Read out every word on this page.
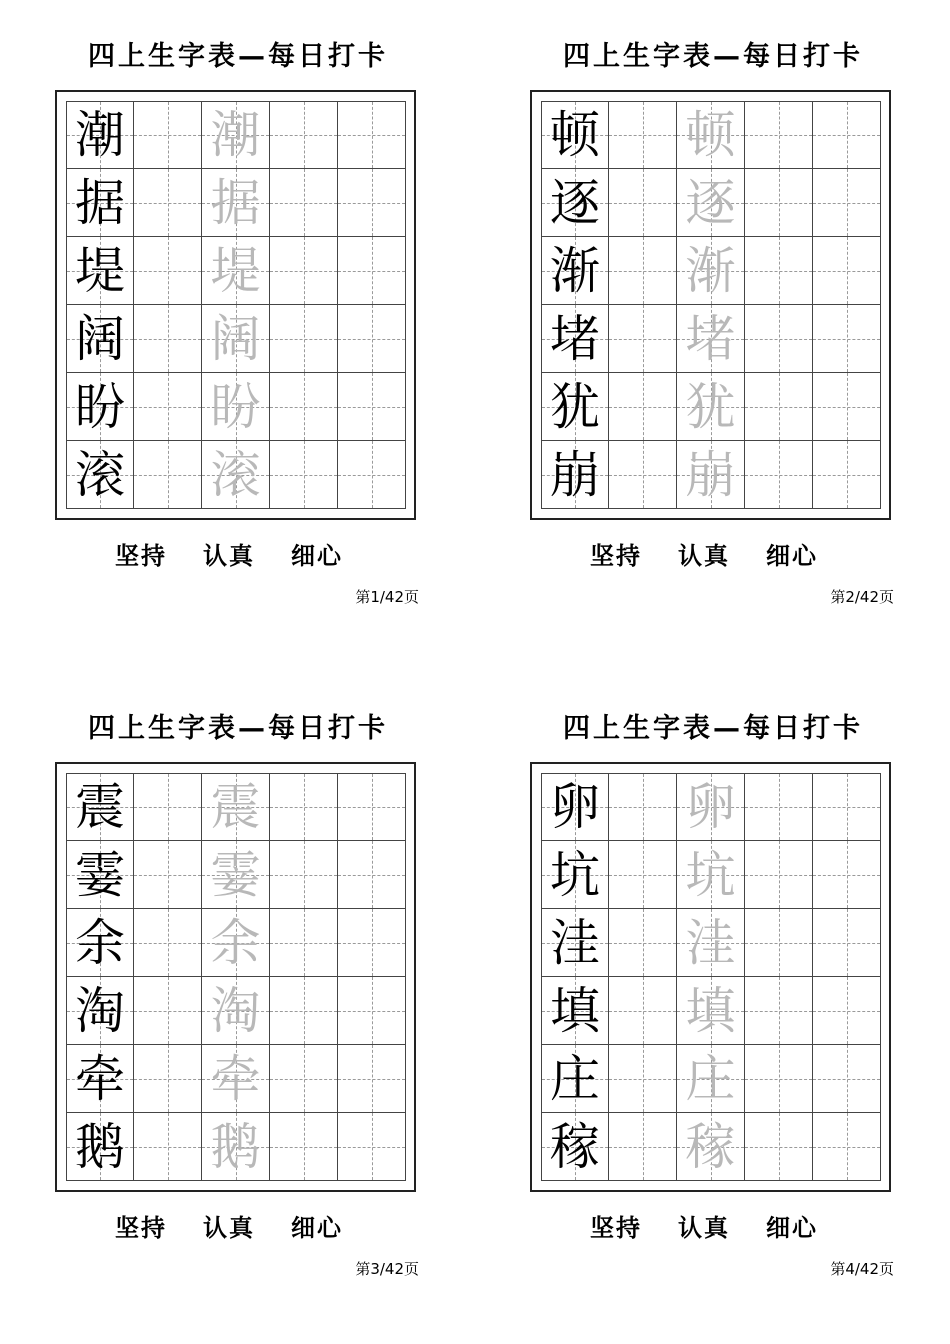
四上生字表—每日打卡
潮 潮
据 据
堤 堤
阔 阔
盼 盼
滚 滚
坚持 认真 细心
第1/42页
四上生字表—每日打卡
顿 顿
逐 逐
渐 渐
堵 堵
犹 犹
崩 崩
坚持 认真 细心
第2/42页
四上生字表—每日打卡
震 震
霎 霎
余 余
淘 淘
牵 牵
鹅 鹅
坚持 认真 细心
第3/42页
四上生字表—每日打卡
卵 卵
坑 坑
洼 洼
填 填
庄 庄
稼 稼
坚持 认真 细心
第4/42页
